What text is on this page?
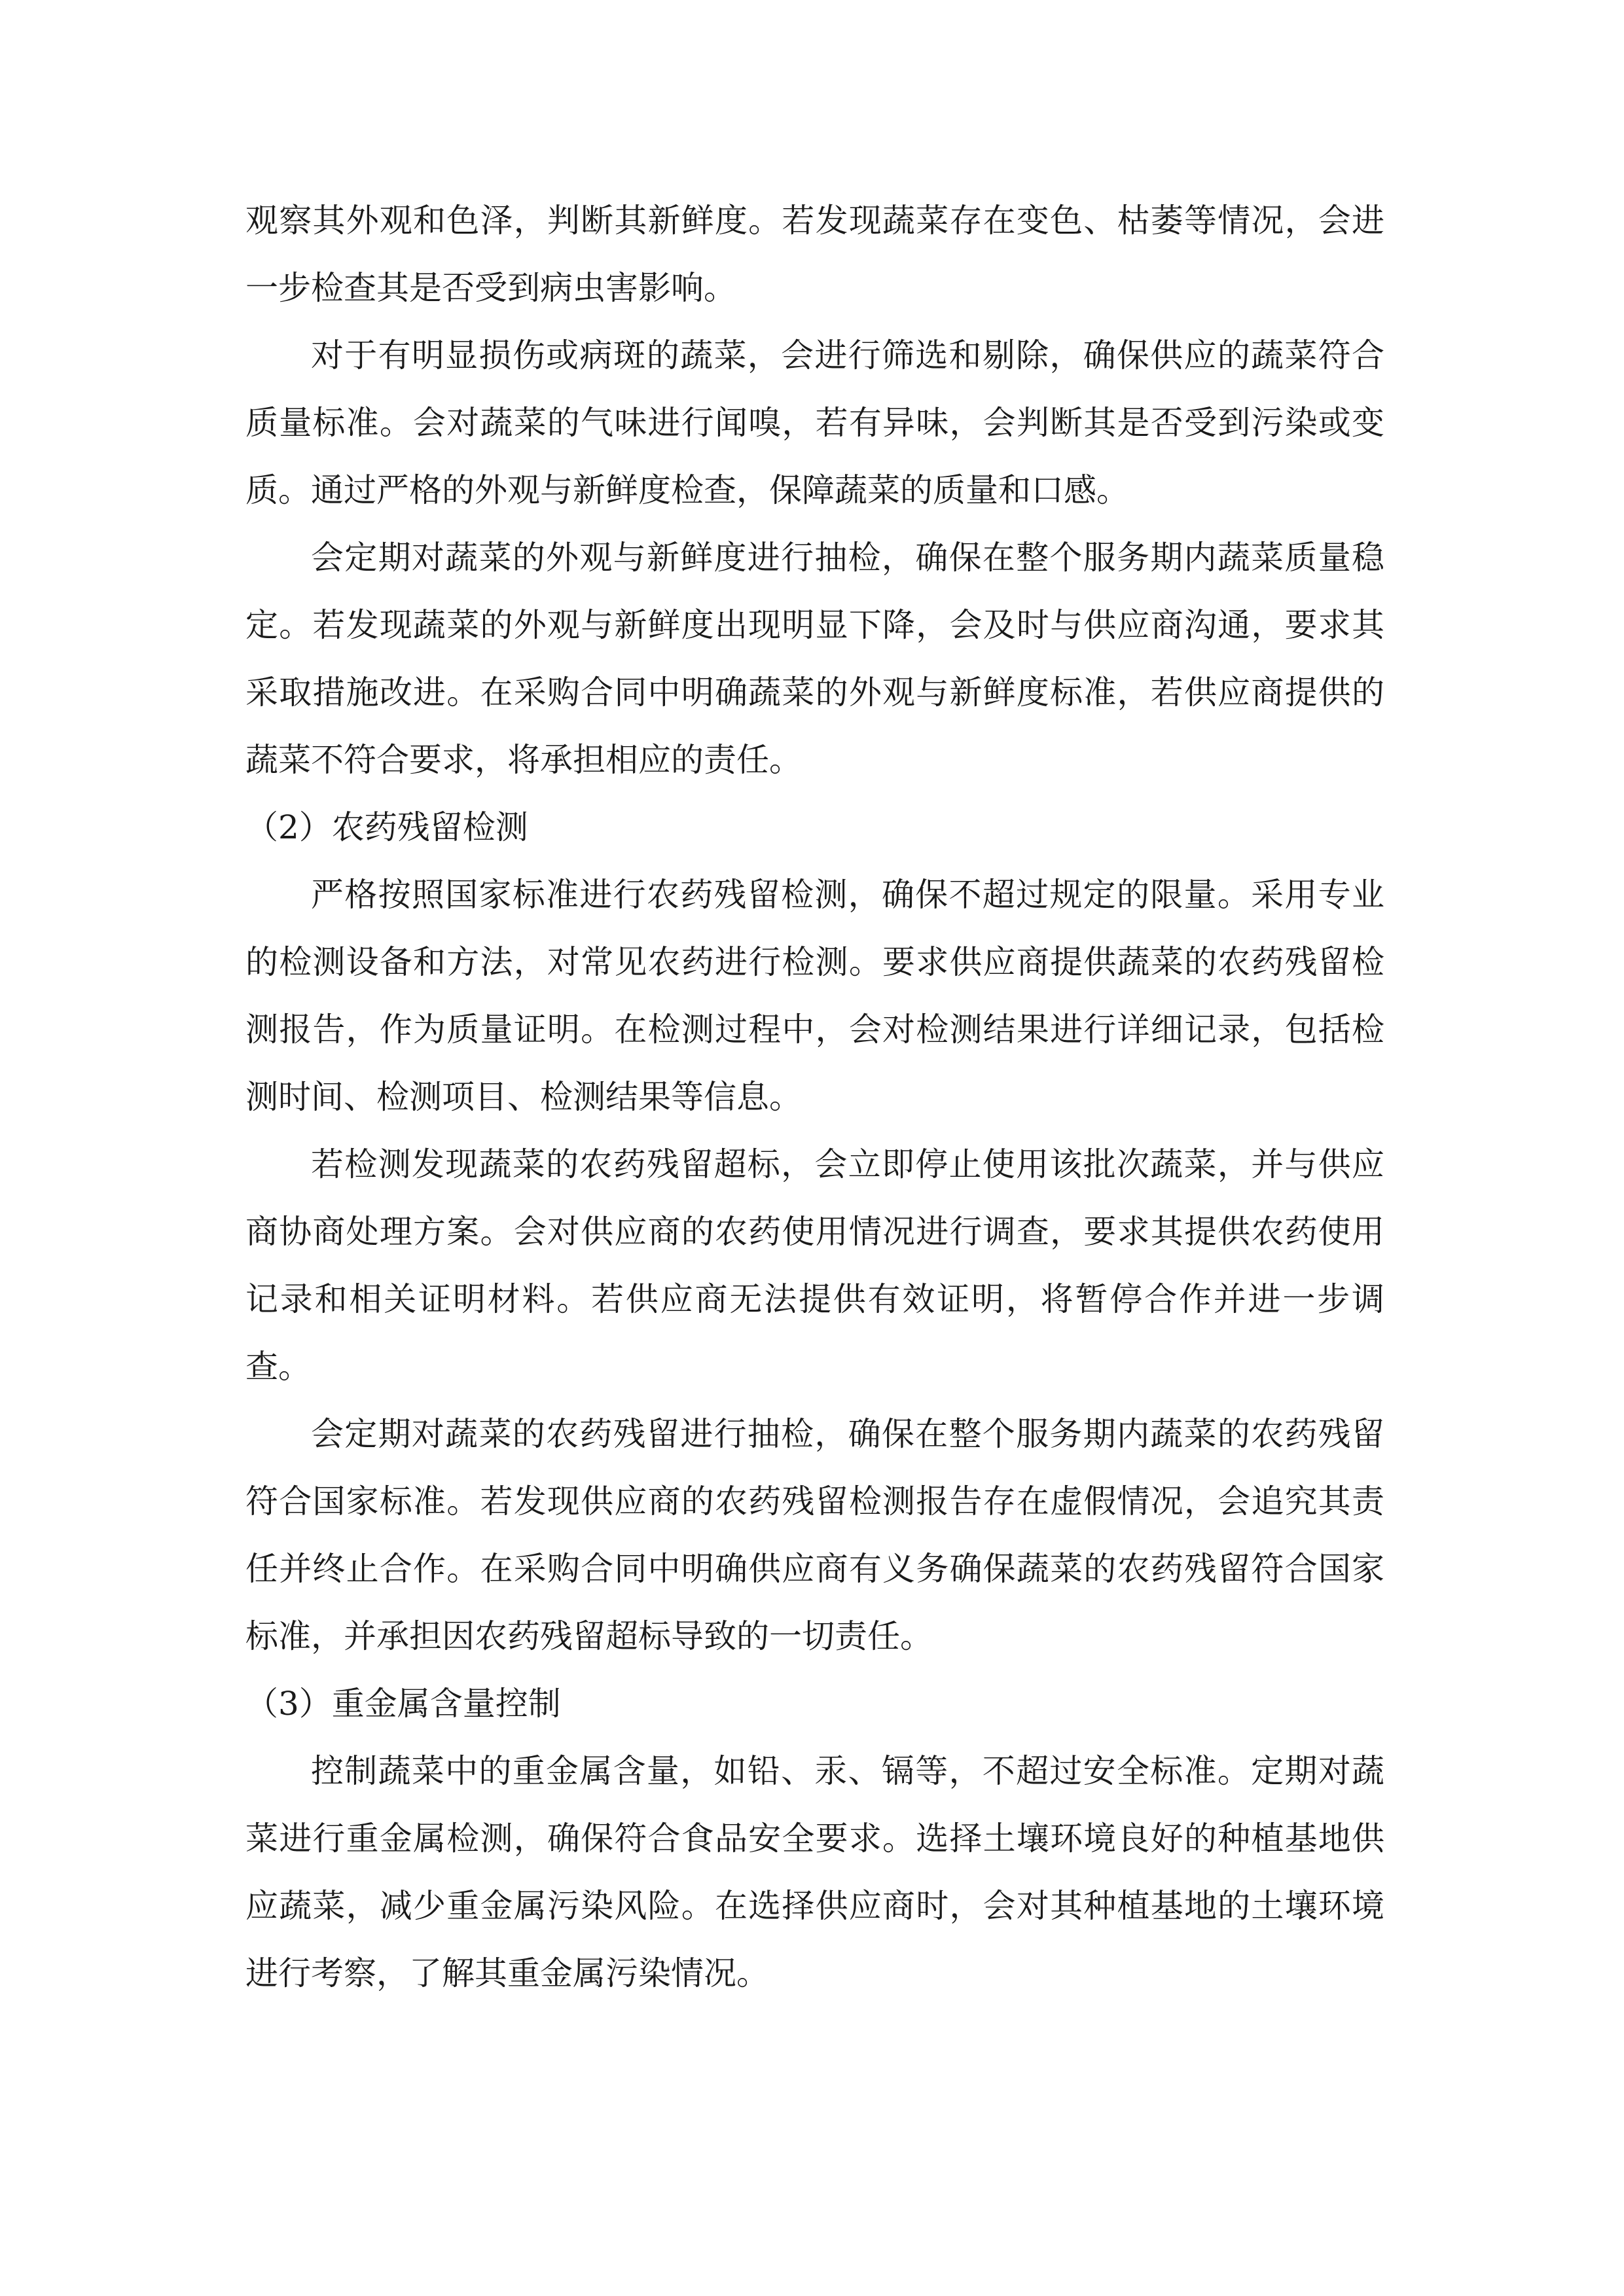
观察其外观和色泽，判断其新鲜度。若发现蔬菜存在变色、枯萎等情况，会进一步检查其是否受到病虫害影响。

对于有明显损伤或病斑的蔬菜，会进行筛选和剔除，确保供应的蔬菜符合质量标准。会对蔬菜的气味进行闻嗅，若有异味，会判断其是否受到污染或变质。通过严格的外观与新鲜度检查，保障蔬菜的质量和口感。

会定期对蔬菜的外观与新鲜度进行抽检，确保在整个服务期内蔬菜质量稳定。若发现蔬菜的外观与新鲜度出现明显下降，会及时与供应商沟通，要求其采取措施改进。在采购合同中明确蔬菜的外观与新鲜度标准，若供应商提供的蔬菜不符合要求，将承担相应的责任。

（2）农药残留检测

严格按照国家标准进行农药残留检测，确保不超过规定的限量。采用专业的检测设备和方法，对常见农药进行检测。要求供应商提供蔬菜的农药残留检测报告，作为质量证明。在检测过程中，会对检测结果进行详细记录，包括检测时间、检测项目、检测结果等信息。

若检测发现蔬菜的农药残留超标，会立即停止使用该批次蔬菜，并与供应商协商处理方案。会对供应商的农药使用情况进行调查，要求其提供农药使用记录和相关证明材料。若供应商无法提供有效证明，将暂停合作并进一步调查。

会定期对蔬菜的农药残留进行抽检，确保在整个服务期内蔬菜的农药残留符合国家标准。若发现供应商的农药残留检测报告存在虚假情况，会追究其责任并终止合作。在采购合同中明确供应商有义务确保蔬菜的农药残留符合国家标准，并承担因农药残留超标导致的一切责任。

（3）重金属含量控制

控制蔬菜中的重金属含量，如铅、汞、镉等，不超过安全标准。定期对蔬菜进行重金属检测，确保符合食品安全要求。选择土壤环境良好的种植基地供应蔬菜，减少重金属污染风险。在选择供应商时，会对其种植基地的土壤环境进行考察，了解其重金属污染情况。
